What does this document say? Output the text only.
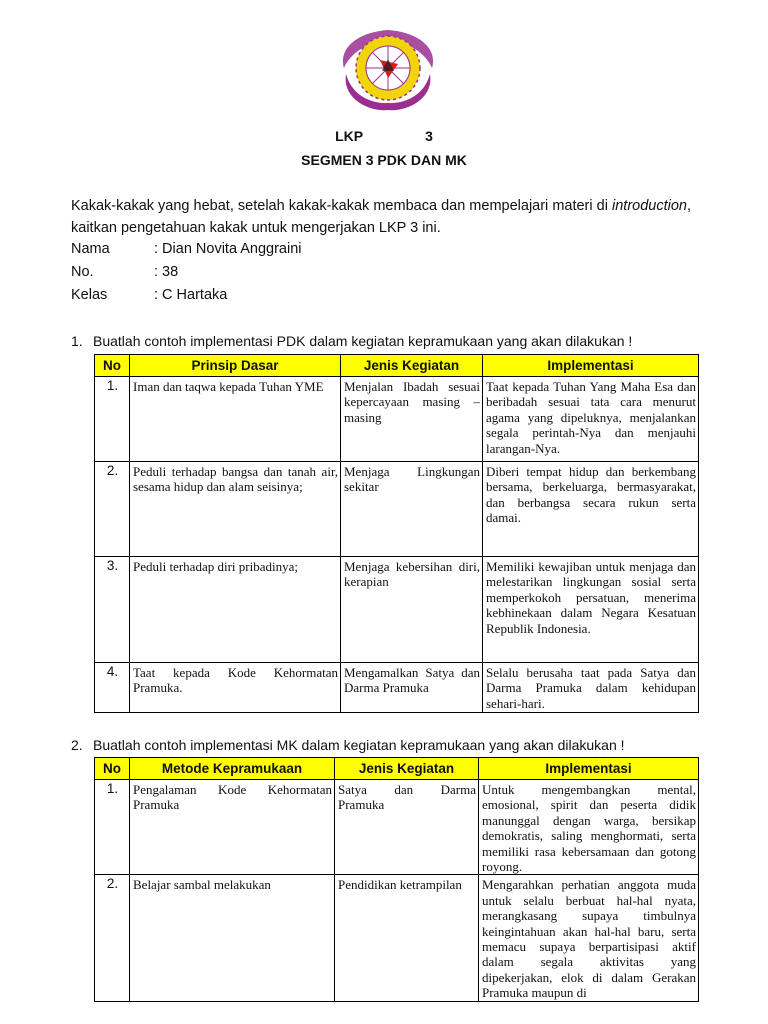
LKP	3
SEGMEN 3 PDK DAN MK
Kakak-kakak yang hebat, setelah kakak-kakak membaca dan mempelajari materi di introduction, kaitkan pengetahuan kakak untuk mengerjakan LKP 3 ini.
Nama	: Dian Novita Anggraini
No.	: 38
Kelas	: C Hartaka
1. Buatlah contoh implementasi PDK dalam kegiatan kepramukaan yang akan dilakukan !
No	Prinsip Dasar	Jenis Kegiatan	Implementasi
1.	Iman dan taqwa kepada Tuhan YME	Menjalan Ibadah sesuai kepercayaan masing – masing	Taat kepada Tuhan Yang Maha Esa dan beribadah sesuai tata cara menurut agama yang dipeluknya, menjalankan segala perintah-Nya dan menjauhi larangan-Nya.
2.	Peduli terhadap bangsa dan tanah air, sesama hidup dan alam seisinya;	Menjaga Lingkungan sekitar	Diberi tempat hidup dan berkembang bersama, berkeluarga, bermasyarakat, dan berbangsa secara rukun serta damai.
3.	Peduli terhadap diri pribadinya;	Menjaga kebersihan diri, kerapian	Memiliki kewajiban untuk menjaga dan melestarikan lingkungan sosial serta memperkokoh persatuan, menerima kebhinekaan dalam Negara Kesatuan Republik Indonesia.
4.	Taat kepada Kode Kehormatan Pramuka.	Mengamalkan Satya dan Darma Pramuka	Selalu berusaha taat pada Satya dan Darma Pramuka dalam kehidupan sehari-hari.
2. Buatlah contoh implementasi MK dalam kegiatan kepramukaan yang akan dilakukan !
No	Metode Kepramukaan	Jenis Kegiatan	Implementasi
1.	Pengalaman Kode Kehormatan Pramuka	Satya dan Darma Pramuka	Untuk mengembangkan mental, emosional, spirit dan peserta didik manunggal dengan warga, bersikap demokratis, saling menghormati, serta memiliki rasa kebersamaan dan gotong royong.
2.	Belajar sambal melakukan	Pendidikan ketrampilan	Mengarahkan perhatian anggota muda untuk selalu berbuat hal-hal nyata, merangkasang supaya timbulnya keingintahuan akan hal-hal baru, serta memacu supaya berpartisipasi aktif dalam segala aktivitas yang dipekerjakan, elok di dalam Gerakan Pramuka maupun di
